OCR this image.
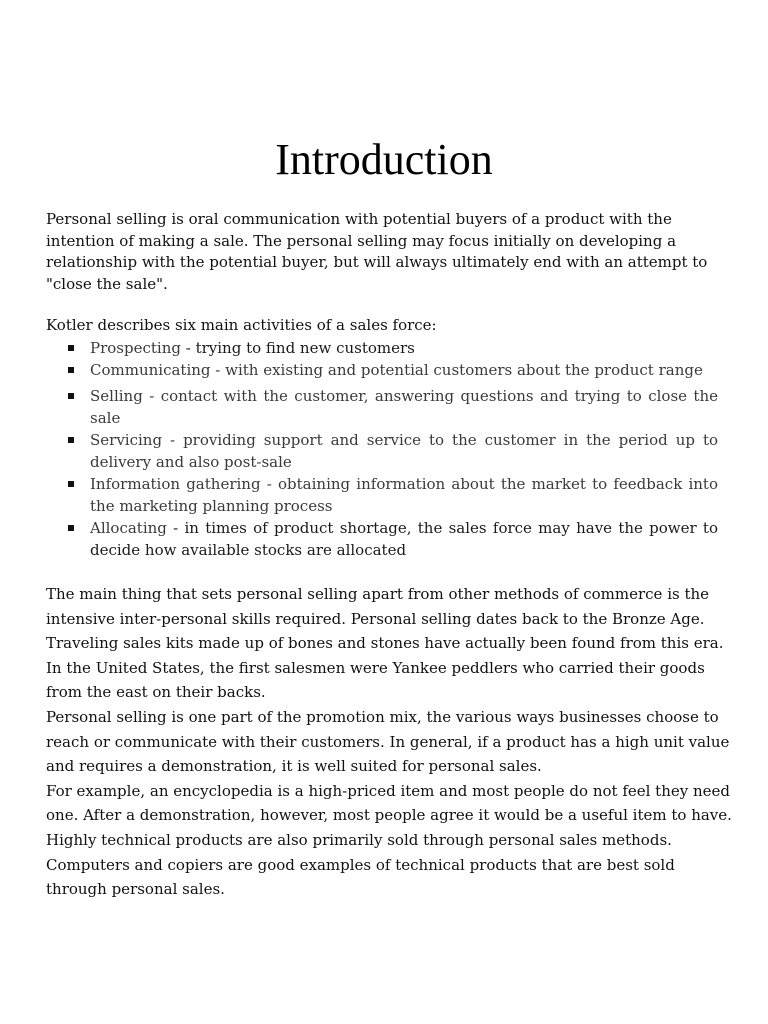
Introduction

Personal selling is oral communication with potential buyers of a product with the intention of making a sale. The personal selling may focus initially on developing a relationship with the potential buyer, but will always ultimately end with an attempt to "close the sale".

Kotler describes six main activities of a sales force:

Prospecting - trying to find new customers
Communicating - with existing and potential customers about the product range
Selling - contact with the customer, answering questions and trying to close the sale
Servicing - providing support and service to the customer in the period up to delivery and also post-sale
Information gathering - obtaining information about the market to feedback into the marketing planning process
Allocating - in times of product shortage, the sales force may have the power to decide how available stocks are allocated

The main thing that sets personal selling apart from other methods of commerce is the intensive inter-personal skills required. Personal selling dates back to the Bronze Age. Traveling sales kits made up of bones and stones have actually been found from this era. In the United States, the first salesmen were Yankee peddlers who carried their goods from the east on their backs.

Personal selling is one part of the promotion mix, the various ways businesses choose to reach or communicate with their customers. In general, if a product has a high unit value and requires a demonstration, it is well suited for personal sales.

For example, an encyclopedia is a high-priced item and most people do not feel they need one. After a demonstration, however, most people agree it would be a useful item to have. Highly technical products are also primarily sold through personal sales methods. Computers and copiers are good examples of technical products that are best sold through personal sales.
